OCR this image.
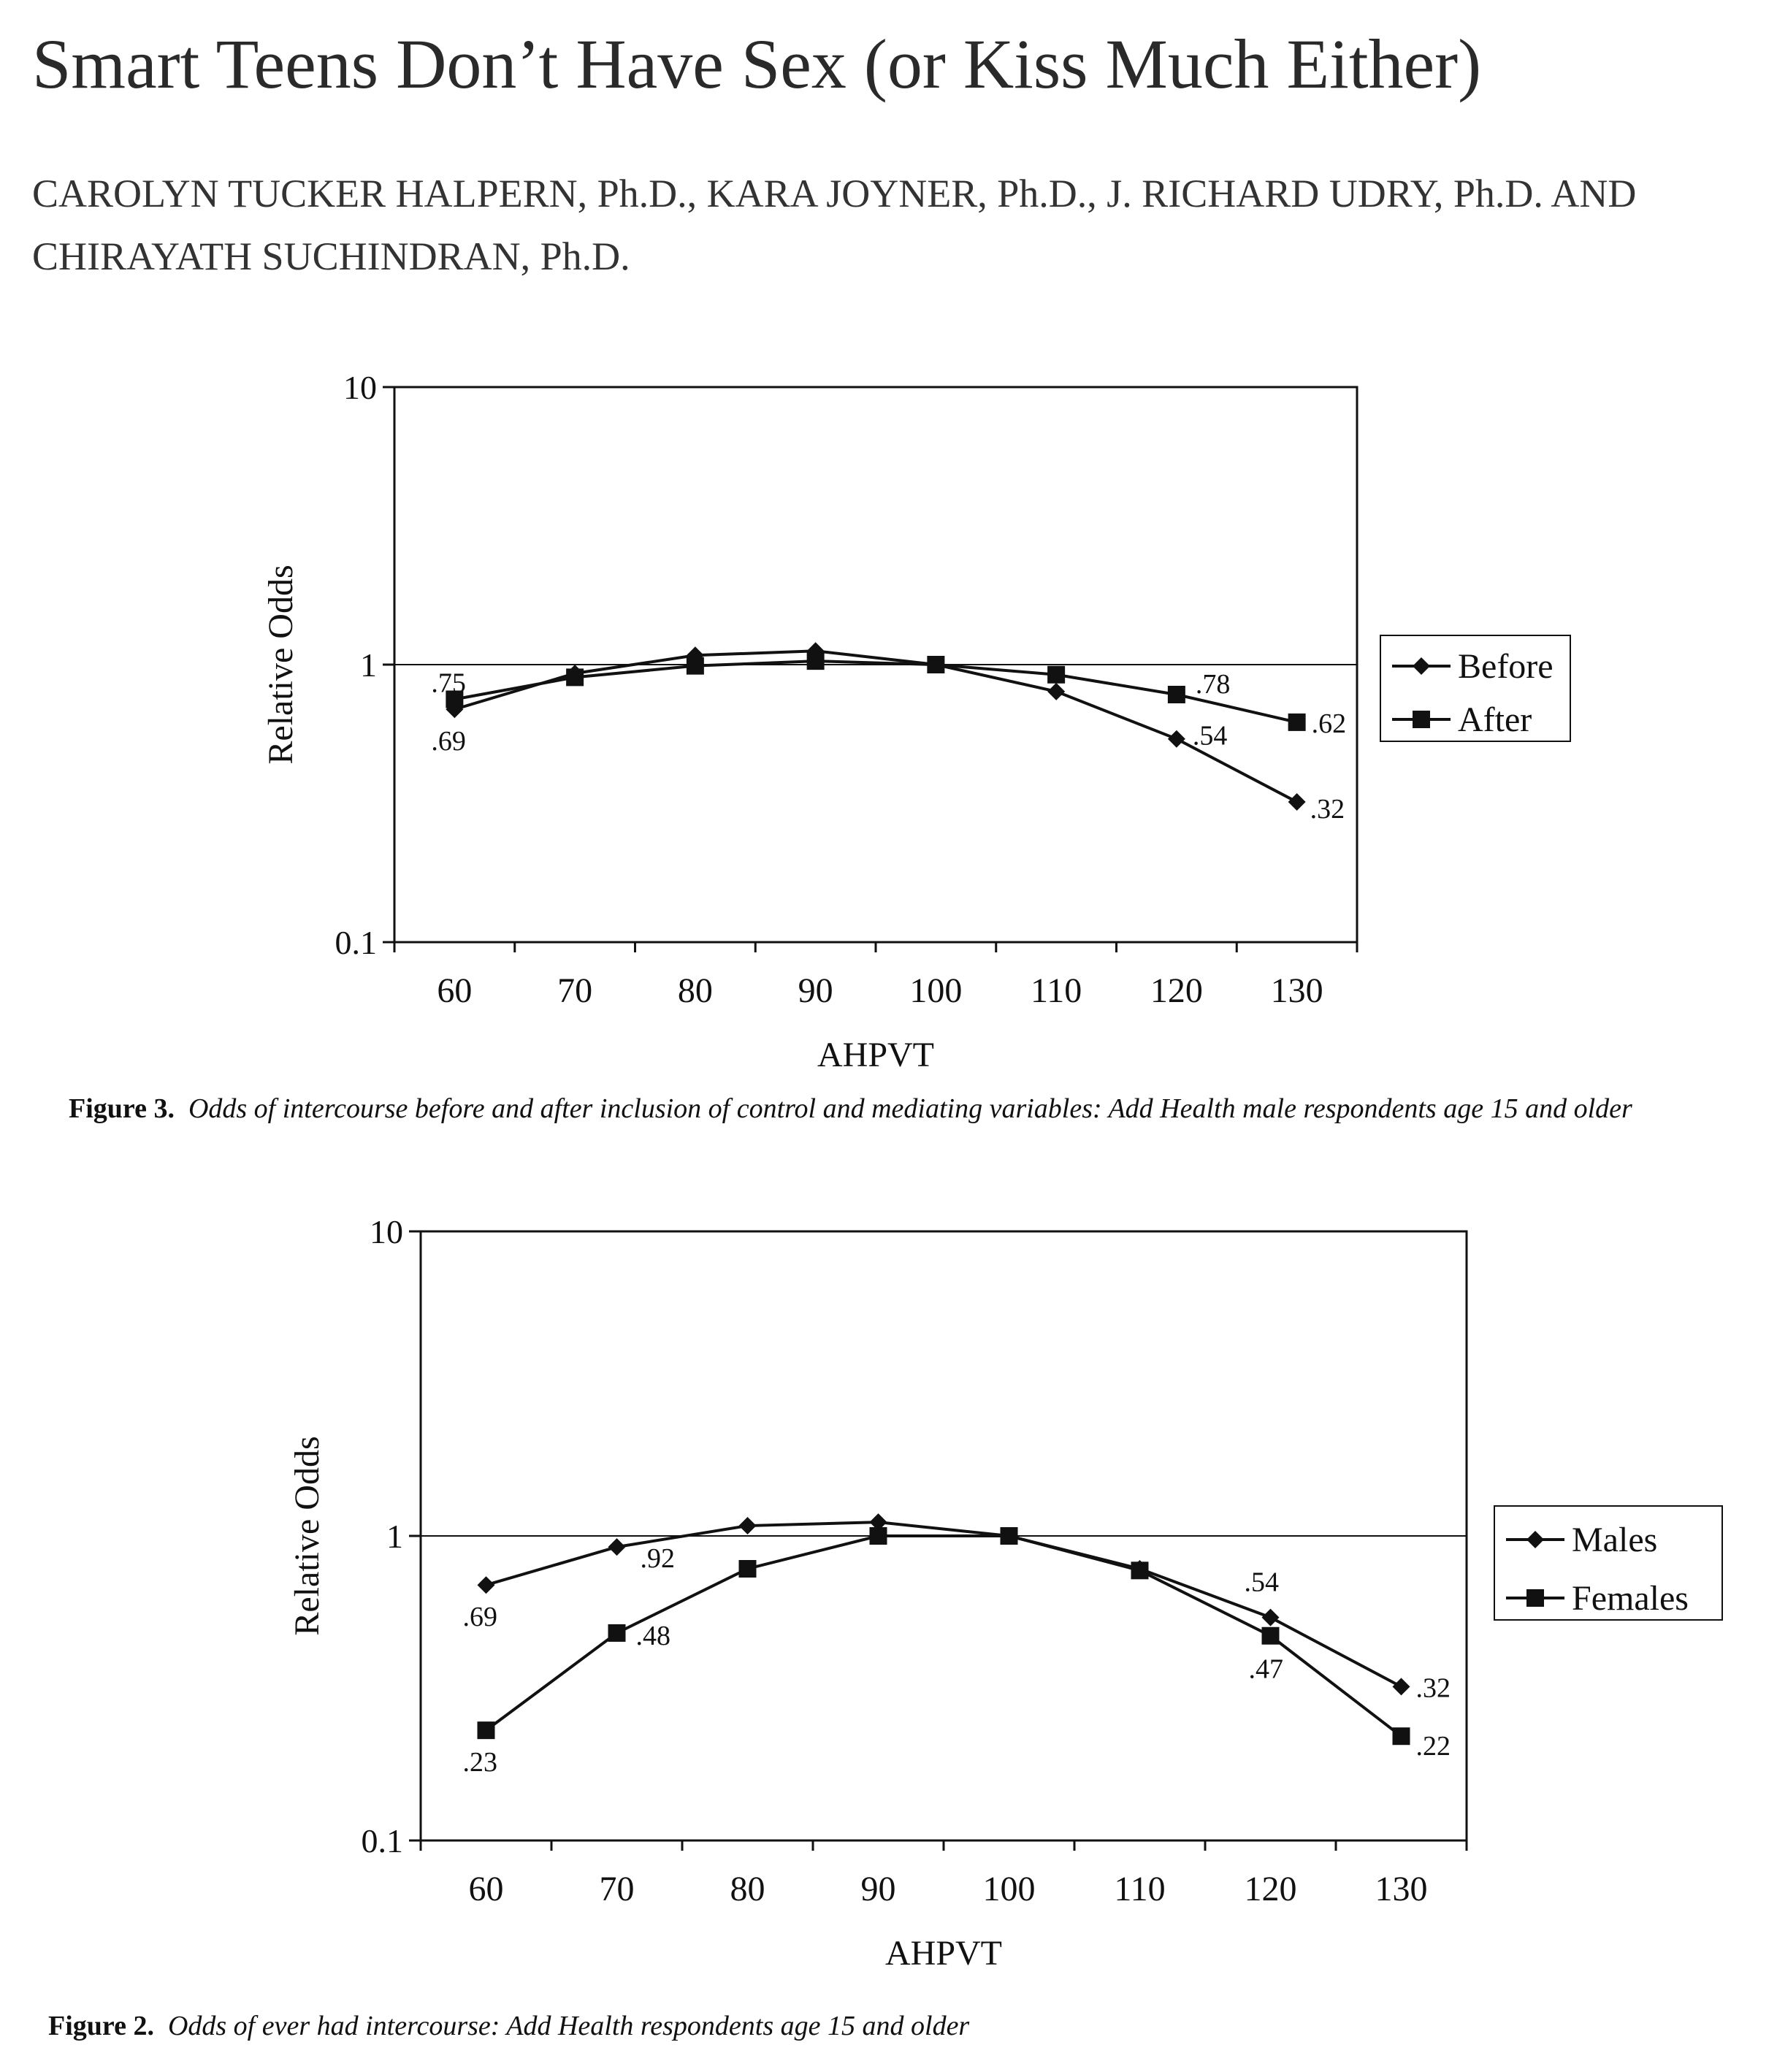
Smart Teens Don’t Have Sex (or Kiss Much Either)
CAROLYN TUCKER HALPERN, Ph.D., KARA JOYNER, Ph.D., J. RICHARD UDRY, Ph.D. AND
CHIRAYATH SUCHINDRAN, Ph.D.
0.1
1
10
60 70 80 90 100 110 120 130
AHPVT
Relative Odds	.69	.54
.32
.75	.78
.62
Before
After
Figure 3. Odds of intercourse before and after inclusion of control and mediating variables: Add Health male respondents age 15 and older
0.1
1
10
60	70	80	90 100 110 120 130
AHPVT
Relative Odds	.69
.92
.54
.32
.23
.48
.47
.22
Males
Females
Figure 2. Odds of ever had intercourse: Add Health respondents age 15 and older
